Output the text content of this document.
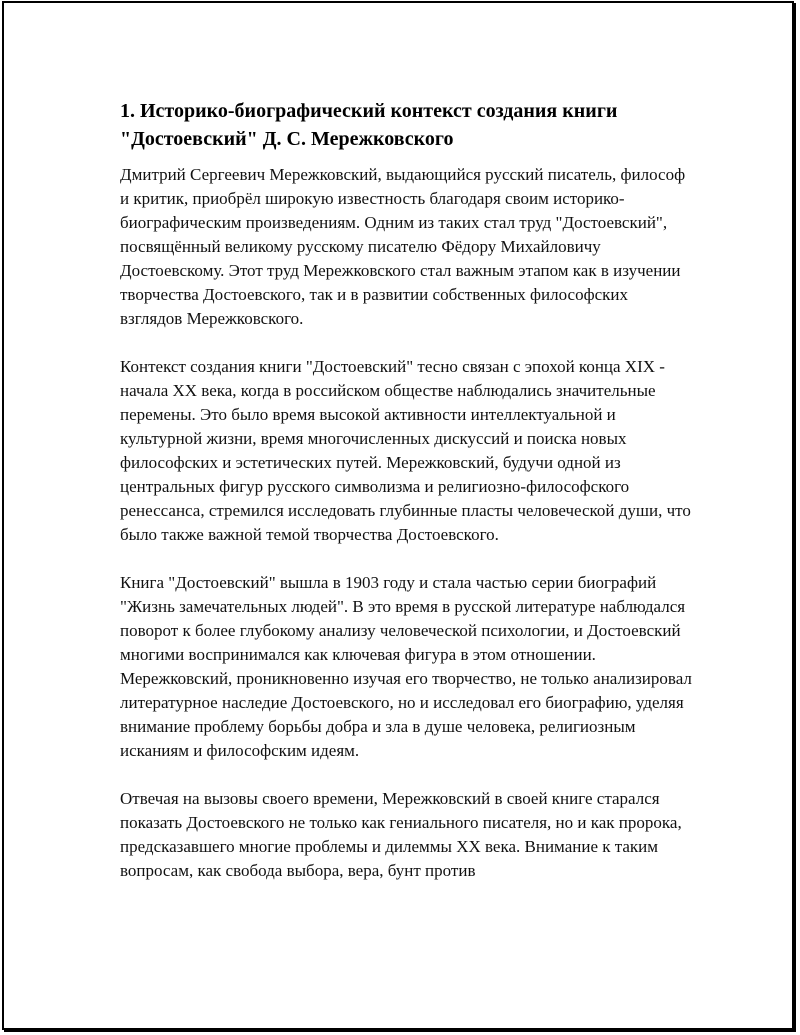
1. Историко-биографический контекст создания книги "Достоевский" Д. С. Мережковского

Дмитрий Сергеевич Мережковский, выдающийся русский писатель, философ и критик, приобрёл широкую известность благодаря своим историко-биографическим произведениям. Одним из таких стал труд "Достоевский", посвящённый великому русскому писателю Фёдору Михайловичу Достоевскому. Этот труд Мережковского стал важным этапом как в изучении творчества Достоевского, так и в развитии собственных философских взглядов Мережковского.

Контекст создания книги "Достоевский" тесно связан с эпохой конца XIX - начала XX века, когда в российском обществе наблюдались значительные перемены. Это было время высокой активности интеллектуальной и культурной жизни, время многочисленных дискуссий и поиска новых философских и эстетических путей. Мережковский, будучи одной из центральных фигур русского символизма и религиозно-философского ренессанса, стремился исследовать глубинные пласты человеческой души, что было также важной темой творчества Достоевского.

Книга "Достоевский" вышла в 1903 году и стала частью серии биографий "Жизнь замечательных людей". В это время в русской литературе наблюдался поворот к более глубокому анализу человеческой психологии, и Достоевский многими воспринимался как ключевая фигура в этом отношении. Мережковский, проникновенно изучая его творчество, не только анализировал литературное наследие Достоевского, но и исследовал его биографию, уделяя внимание проблему борьбы добра и зла в душе человека, религиозным исканиям и философским идеям.

Отвечая на вызовы своего времени, Мережковский в своей книге старался показать Достоевского не только как гениального писателя, но и как пророка, предсказавшего многие проблемы и дилеммы XX века. Внимание к таким вопросам, как свобода выбора, вера, бунт против
